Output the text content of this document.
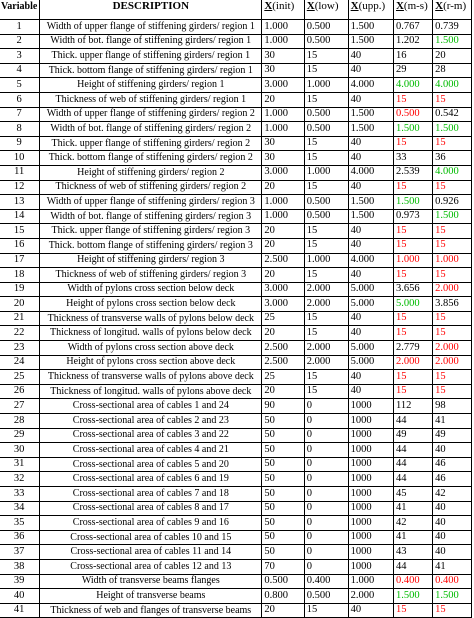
Variable	DESCRIPTION	X(init)	X(low)	X(upp.)	X(m-s)	X(r-m)
1	Width of upper flange of stiffening girders/ region 1	1.000	0.500	1.500	0.767	0.739
2	Width of bot. flange of stiffening girders/ region 1	1.000	0.500	1.500	1.202	1.500
3	Thick. upper flange of stiffening girders/ region 1	30	15	40	16	20
4	Thick. bottom flange of stiffening girders/ region 1	30	15	40	29	28
5	Height of stiffening girders/ region 1	3.000	1.000	4.000	4.000	4.000
6	Thickness of web of stiffening girders/ region 1	20	15	40	15	15
7	Width of upper flange of stiffening girders/ region 2	1.000	0.500	1.500	0.500	0.542
8	Width of bot. flange of stiffening girders/ region 2	1.000	0.500	1.500	1.500	1.500
9	Thick. upper flange of stiffening girders/ region 2	30	15	40	15	15
10	Thick. bottom flange of stiffening girders/ region 2	30	15	40	33	36
11	Height of stiffening girders/ region 2	3.000	1.000	4.000	2.539	4.000
12	Thickness of web of stiffening girders/ region 2	20	15	40	15	15
13	Width of upper flange of stiffening girders/ region 3	1.000	0.500	1.500	1.500	0.926
14	Width of bot. flange of stiffening girders/ region 3	1.000	0.500	1.500	0.973	1.500
15	Thick. upper flange of stiffening girders/ region 3	20	15	40	15	15
16	Thick. bottom flange of stiffening girders/ region 3	20	15	40	15	15
17	Height of stiffening girders/ region 3	2.500	1.000	4.000	1.000	1.000
18	Thickness of web of stiffening girders/ region 3	20	15	40	15	15
19	Width of pylons cross section below deck	3.000	2.000	5.000	3.656	2.000
20	Height of pylons cross section below deck	3.000	2.000	5.000	5.000	3.856
21	Thickness of transverse walls of pylons below deck	25	15	40	15	15
22	Thickness of longitud. walls of pylons below deck	20	15	40	15	15
23	Width of pylons cross section above deck	2.500	2.000	5.000	2.779	2.000
24	Height of pylons cross section above deck	2.500	2.000	5.000	2.000	2.000
25	Thickness of transverse walls of pylons above deck	25	15	40	15	15
26	Thickness of longitud. walls of pylons above deck	20	15	40	15	15
27	Cross-sectional area of cables 1 and 24	90	0	1000	112	98
28	Cross-sectional area of cables 2 and 23	50	0	1000	44	41
29	Cross-sectional area of cables 3 and 22	50	0	1000	49	49
30	Cross-sectional area of cables 4 and 21	50	0	1000	44	40
31	Cross-sectional area of cables 5 and 20	50	0	1000	44	46
32	Cross-sectional area of cables 6 and 19	50	0	1000	44	46
33	Cross-sectional area of cables 7 and 18	50	0	1000	45	42
34	Cross-sectional area of cables 8 and 17	50	0	1000	41	40
35	Cross-sectional area of cables 9 and 16	50	0	1000	42	40
36	Cross-sectional area of cables 10 and 15	50	0	1000	41	40
37	Cross-sectional area of cables 11 and 14	50	0	1000	43	40
38	Cross-sectional area of cables 12 and 13	70	0	1000	44	41
39	Width of transverse beams flanges	0.500	0.400	1.000	0.400	0.400
40	Height of transverse beams	0.800	0.500	2.000	1.500	1.500
41	Thickness of web and flanges of transverse beams	20	15	40	15	15
